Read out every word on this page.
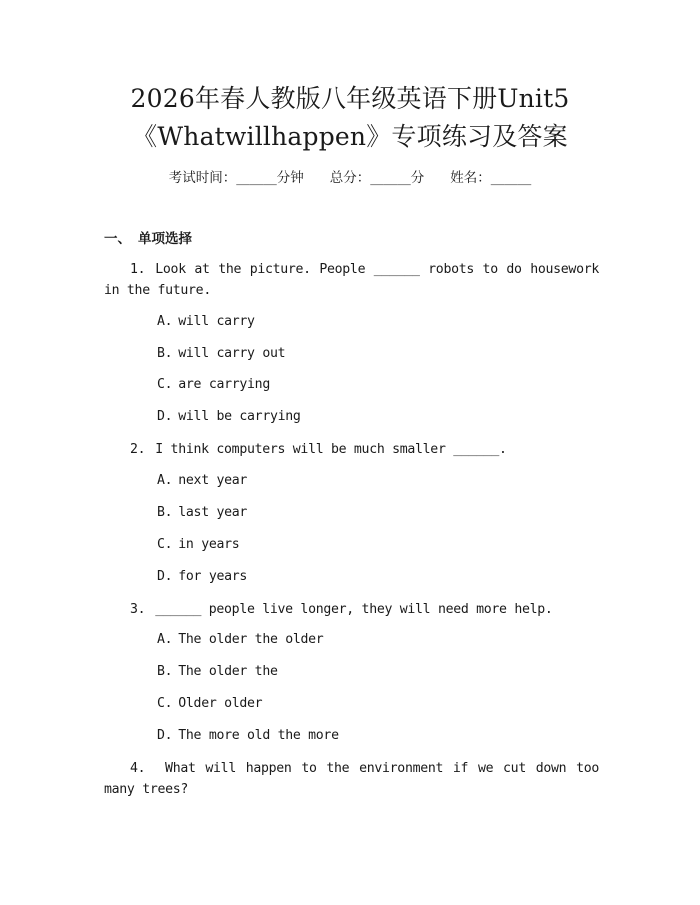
2026年春人教版八年级英语下册Unit5
《Whatwillhappen》专项练习及答案
考试时间：______分钟 总分：______分 姓名：______
一、 单项选择
1. Look at the picture. People ______ robots to do housework in the future.
A. will carry
B. will carry out
C. are carrying
D. will be carrying
2. I think computers will be much smaller ______.
A. next year
B. last year
C. in years
D. for years
3. ______ people live longer, they will need more help.
A. The older the older
B. The older the
C. Older older
D. The more old the more
4. What will happen to the environment if we cut down too many trees?
